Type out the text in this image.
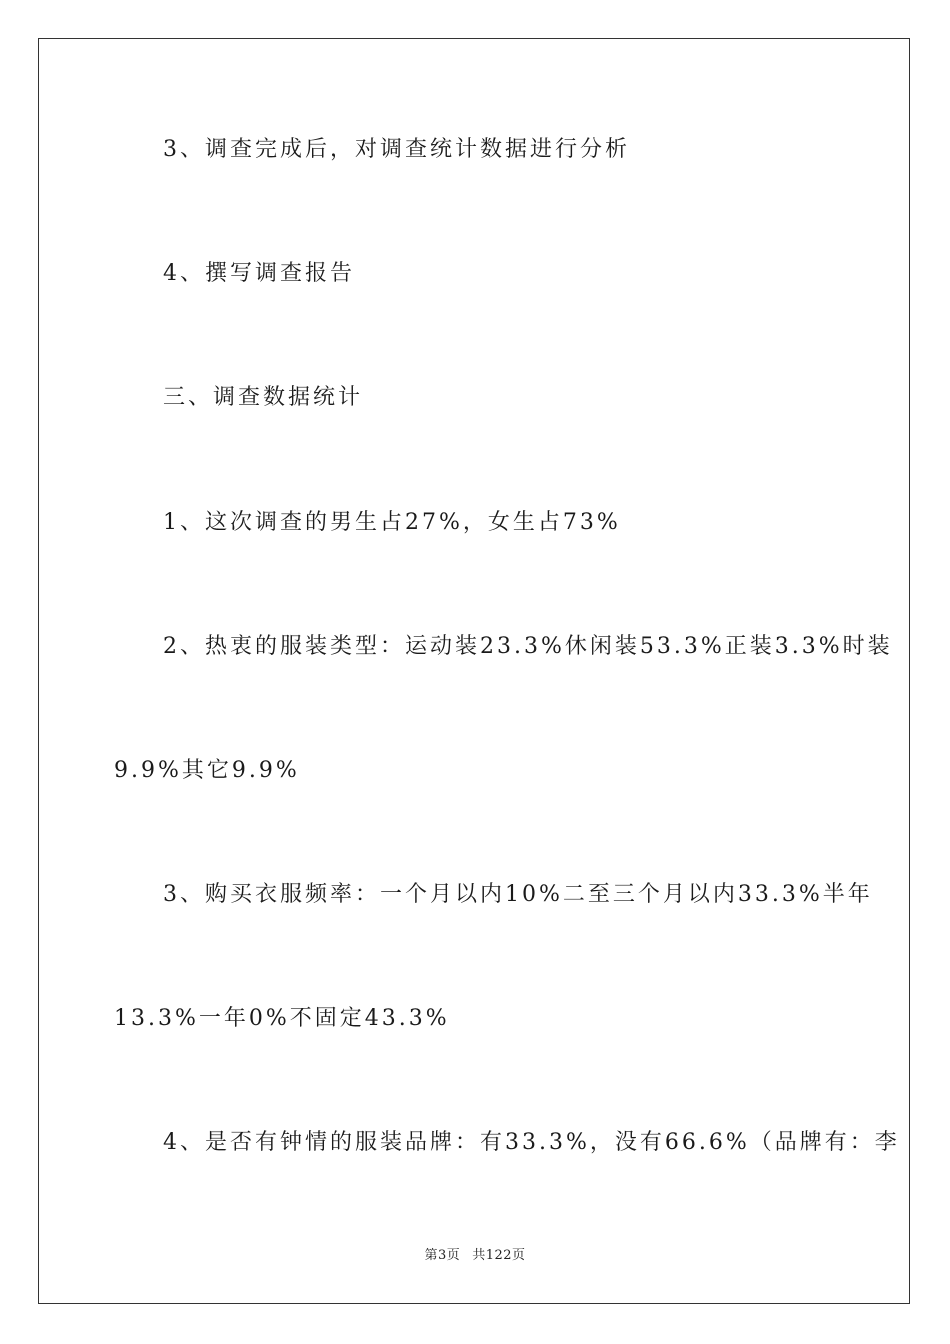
3、调查完成后，对调查统计数据进行分析
4、撰写调查报告
三、调查数据统计
1、这次调查的男生占27%，女生占73%
2、热衷的服装类型：运动装23.3%休闲装53.3%正装3.3%时装
9.9%其它9.9%
3、购买衣服频率：一个月以内10%二至三个月以内33.3%半年
13.3%一年0%不固定43.3%
4、是否有钟情的服装品牌：有33.3%，没有66.6%（品牌有：李
第3页 共122页
